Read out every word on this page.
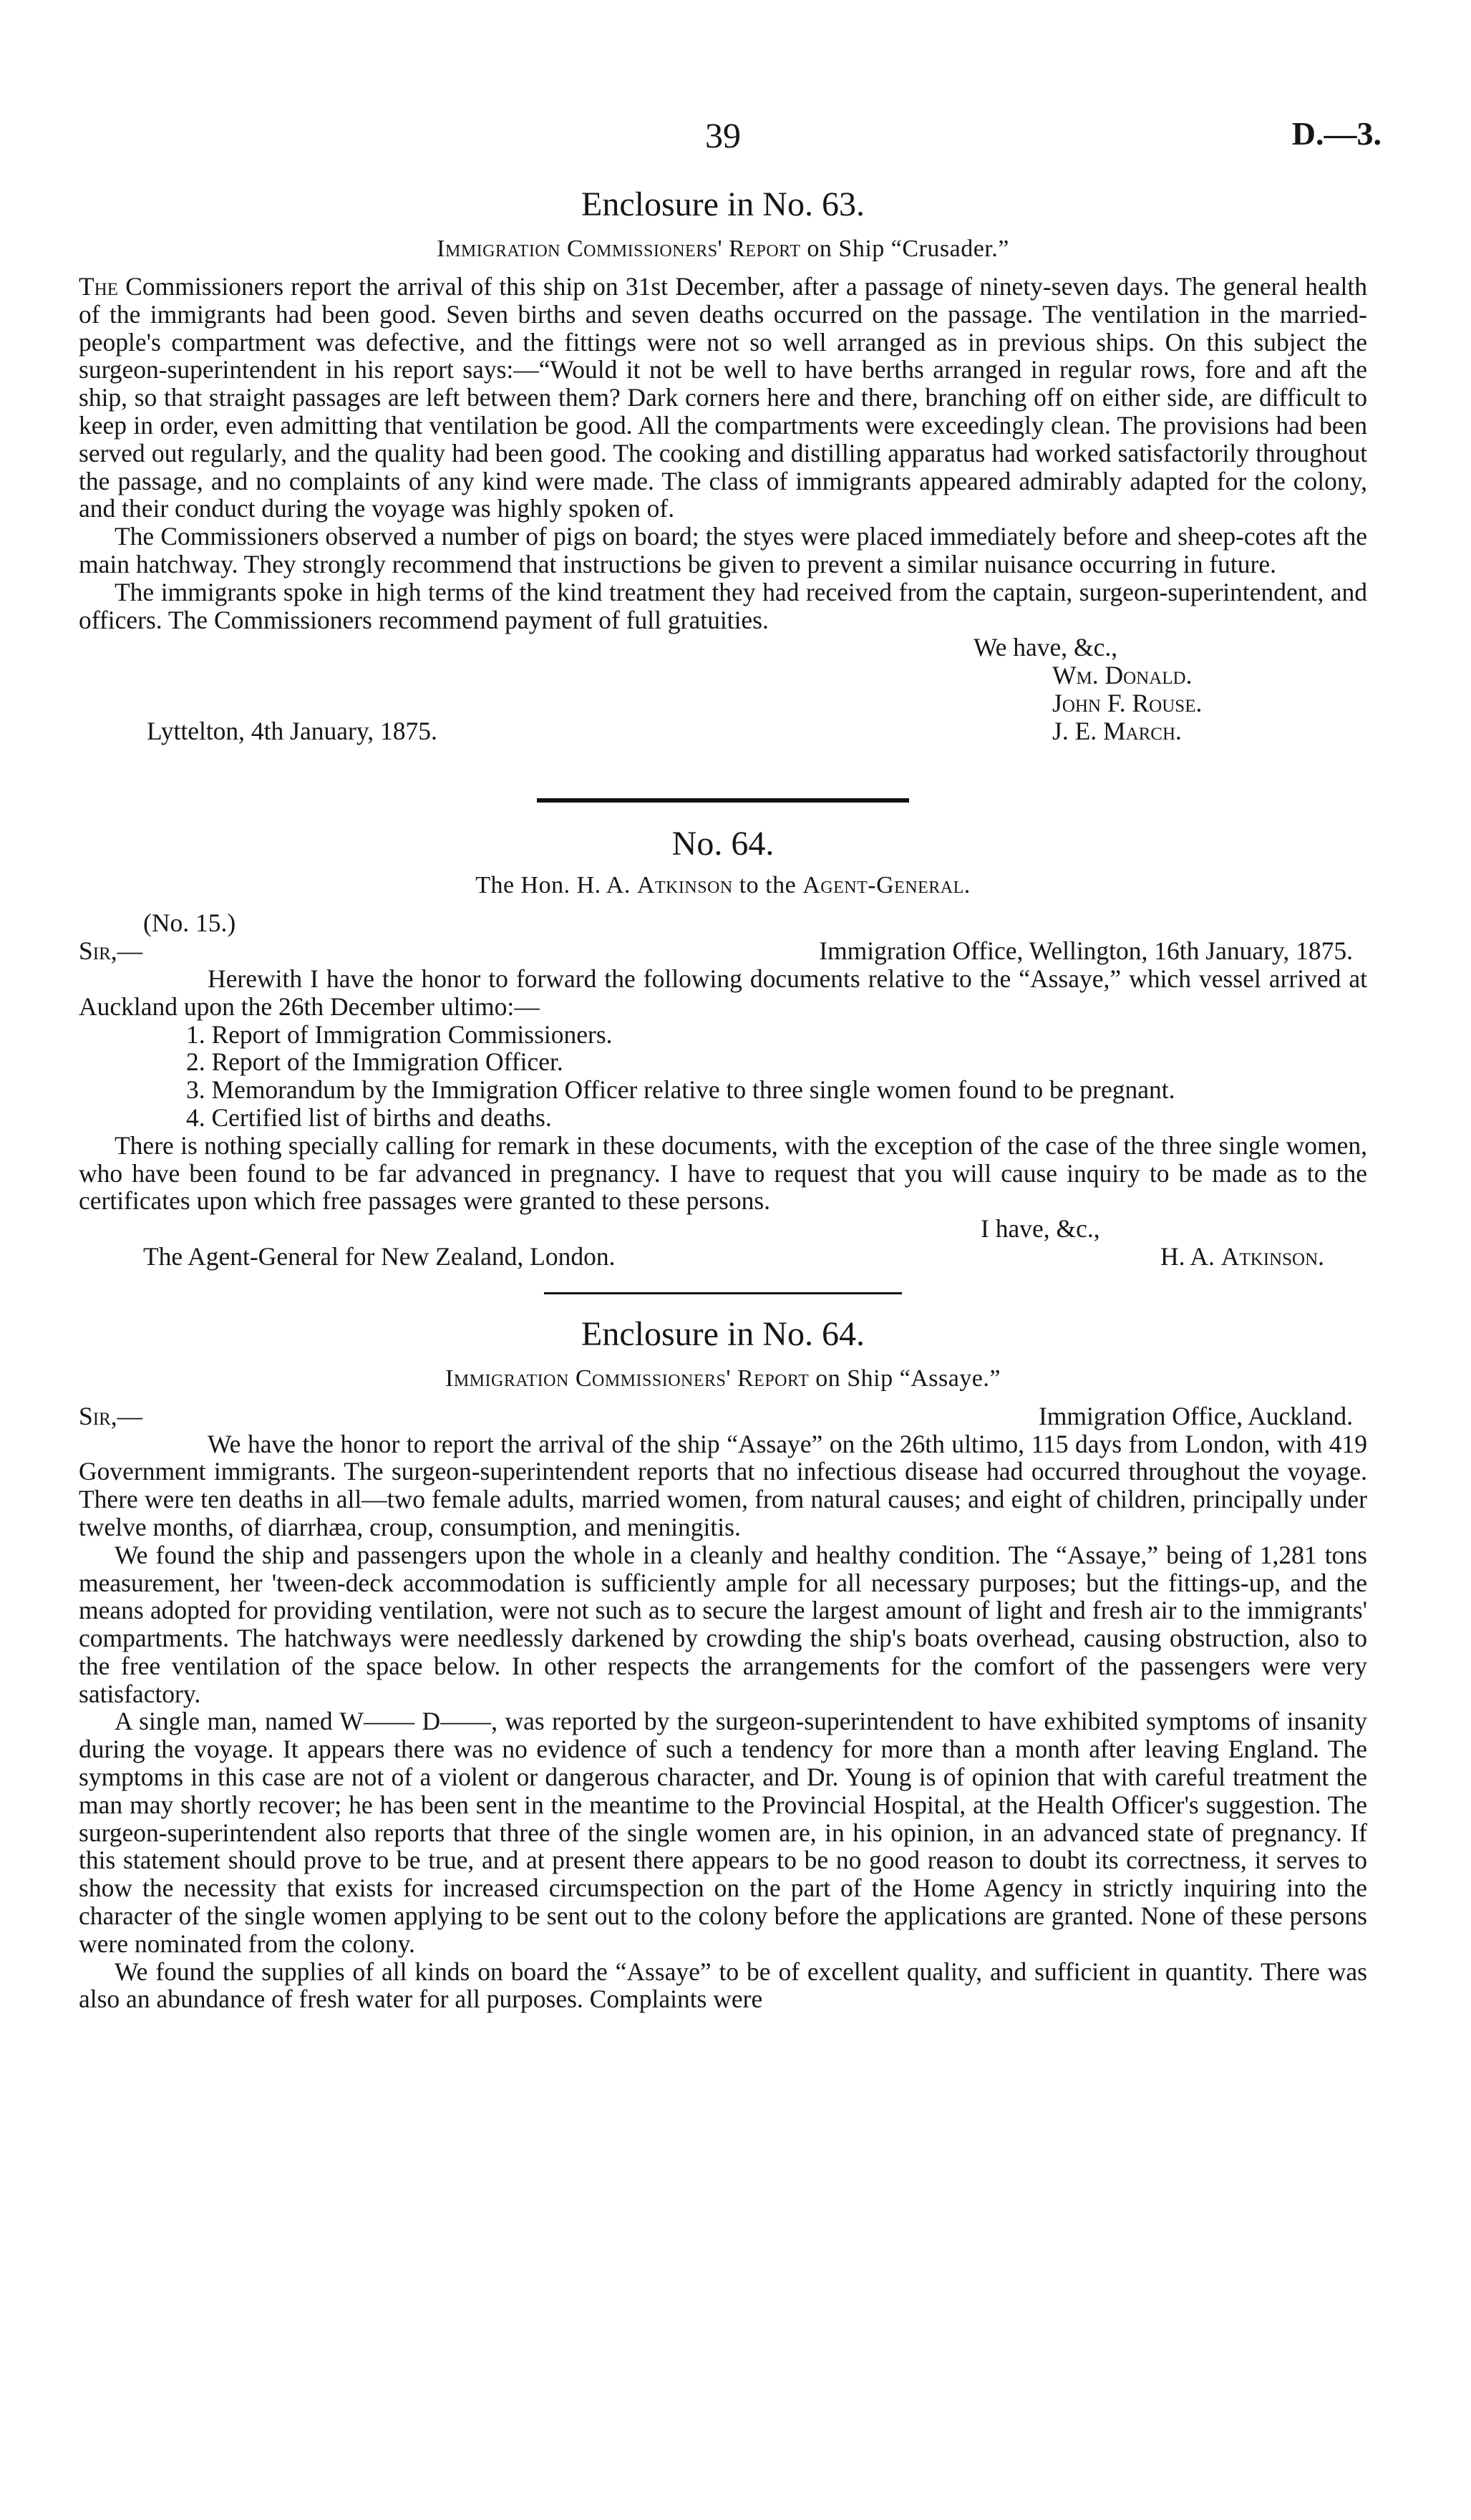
39	D.—3.
Enclosure in No. 63.
Immigration Commissioners' Report on Ship “Crusader.”

The Commissioners report the arrival of this ship on 31st December, after a passage of ninety-seven days. The general health of the immigrants had been good. Seven births and seven deaths occurred on the passage. The ventilation in the married-people's compartment was defective, and the fittings were not so well arranged as in previous ships. On this subject the surgeon-superintendent in his report says:—“Would it not be well to have berths arranged in regular rows, fore and aft the ship, so that straight passages are left between them? Dark corners here and there, branching off on either side, are difficult to keep in order, even admitting that ventilation be good. All the compartments were exceedingly clean. The provisions had been served out regularly, and the quality had been good. The cooking and distilling apparatus had worked satisfactorily throughout the passage, and no complaints of any kind were made. The class of immigrants appeared admirably adapted for the colony, and their conduct during the voyage was highly spoken of.

The Commissioners observed a number of pigs on board; the styes were placed immediately before and sheep-cotes aft the main hatchway. They strongly recommend that instructions be given to prevent a similar nuisance occurring in future.

The immigrants spoke in high terms of the kind treatment they had received from the captain, surgeon-superintendent, and officers. The Commissioners recommend payment of full gratuities.

We have, &c.,
Wm. Donald.
John F. Rouse.
J. E. March.
Lyttelton, 4th January, 1875.
No. 64.
The Hon. H. A. Atkinson to the Agent-General.
(No. 15.)
Sir,—	Immigration Office, Wellington, 16th January, 1875.

Herewith I have the honor to forward the following documents relative to the “Assaye,” which vessel arrived at Auckland upon the 26th December ultimo:—

1. Report of Immigration Commissioners.
2. Report of the Immigration Officer.
3. Memorandum by the Immigration Officer relative to three single women found to be pregnant.
4. Certified list of births and deaths.

There is nothing specially calling for remark in these documents, with the exception of the case of the three single women, who have been found to be far advanced in pregnancy. I have to request that you will cause inquiry to be made as to the certificates upon which free passages were granted to these persons.

I have, &c.,
The Agent-General for New Zealand, London.	H. A. Atkinson.
Enclosure in No. 64.
Immigration Commissioners' Report on Ship “Assaye.”
Sir,—	Immigration Office, Auckland.

We have the honor to report the arrival of the ship “Assaye” on the 26th ultimo, 115 days from London, with 419 Government immigrants. The surgeon-superintendent reports that no infectious disease had occurred throughout the voyage. There were ten deaths in all—two female adults, married women, from natural causes; and eight of children, principally under twelve months, of diarrhæa, croup, consumption, and meningitis.

We found the ship and passengers upon the whole in a cleanly and healthy condition. The “Assaye,” being of 1,281 tons measurement, her 'tween-deck accommodation is sufficiently ample for all necessary purposes; but the fittings-up, and the means adopted for providing ventilation, were not such as to secure the largest amount of light and fresh air to the immigrants' compartments. The hatchways were needlessly darkened by crowding the ship's boats overhead, causing obstruction, also to the free ventilation of the space below. In other respects the arrangements for the comfort of the passengers were very satisfactory.

A single man, named W—— D——, was reported by the surgeon-superintendent to have exhibited symptoms of insanity during the voyage. It appears there was no evidence of such a tendency for more than a month after leaving England. The symptoms in this case are not of a violent or dangerous character, and Dr. Young is of opinion that with careful treatment the man may shortly recover; he has been sent in the meantime to the Provincial Hospital, at the Health Officer's suggestion. The surgeon-superintendent also reports that three of the single women are, in his opinion, in an advanced state of pregnancy. If this statement should prove to be true, and at present there appears to be no good reason to doubt its correctness, it serves to show the necessity that exists for increased circumspection on the part of the Home Agency in strictly inquiring into the character of the single women applying to be sent out to the colony before the applications are granted. None of these persons were nominated from the colony.

We found the supplies of all kinds on board the “Assaye” to be of excellent quality, and sufficient in quantity. There was also an abundance of fresh water for all purposes. Complaints were
